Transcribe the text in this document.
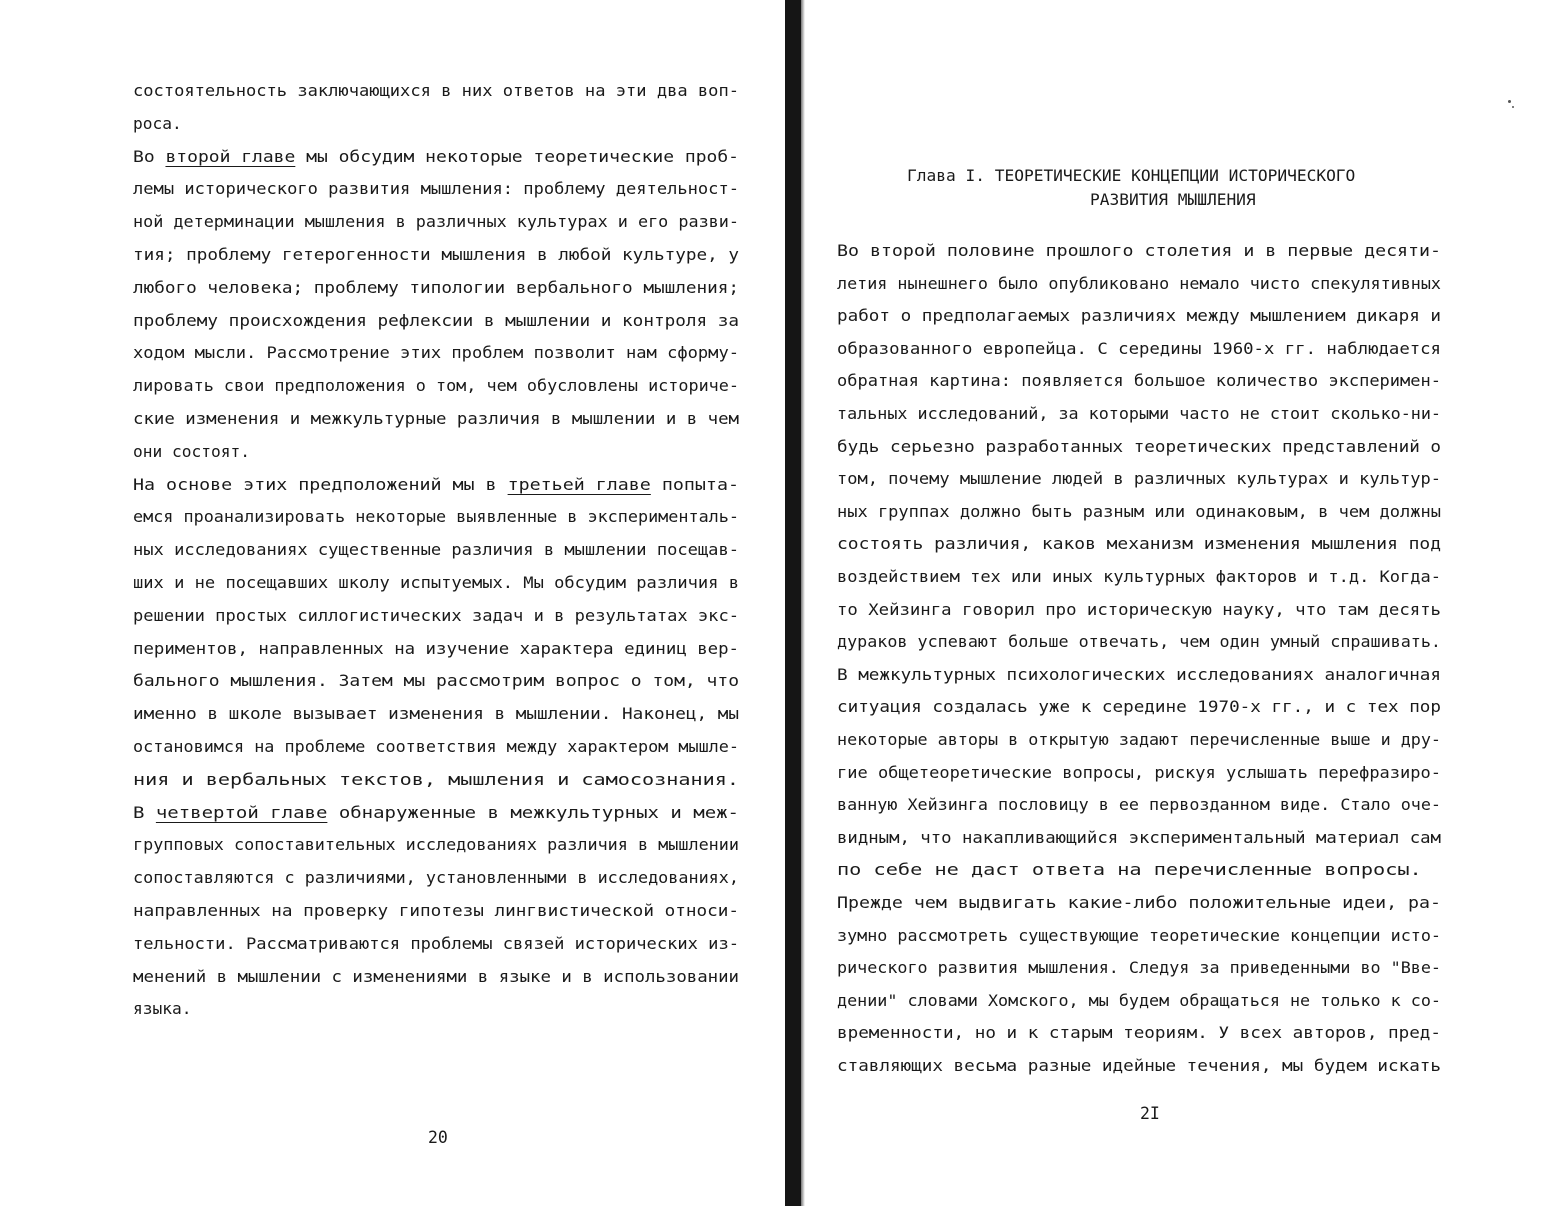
состоятельность заключающихся в них ответов на эти два воп-
роса.
Во второй главе мы обсудим некоторые теоретические проб-
лемы исторического развития мышления: проблему деятельност-
ной детерминации мышления в различных культурах и его разви-
тия; проблему гетерогенности мышления в любой культуре, у
любого человека; проблему типологии вербального мышления;
проблему происхождения рефлексии в мышлении и контроля за
ходом мысли. Рассмотрение этих проблем позволит нам сформу-
лировать свои предположения о том, чем обусловлены историче-
ские изменения и межкультурные различия в мышлении и в чем
они состоят.
На основе этих предположений мы в третьей главе попыта-
емся проанализировать некоторые выявленные в эксперименталь-
ных исследованиях существенные различия в мышлении посещав-
ших и не посещавших школу испытуемых. Мы обсудим различия в
решении простых силлогистических задач и в результатах экс-
периментов, направленных на изучение характера единиц вер-
бального мышления. Затем мы рассмотрим вопрос о том, что
именно в школе вызывает изменения в мышлении. Наконец, мы
остановимся на проблеме соответствия между характером мышле-
ния и вербальных текстов, мышления и самосознания.
В четвертой главе обнаруженные в межкультурных и меж-
групповых сопоставительных исследованиях различия в мышлении
сопоставляются с различиями, установленными в исследованиях,
направленных на проверку гипотезы лингвистической относи-
тельности. Рассматриваются проблемы связей исторических из-
менений в мышлении с изменениями в языке и в использовании
языка.
20
Глава I. ТЕОРЕТИЧЕСКИЕ КОНЦЕПЦИИ ИСТОРИЧЕСКОГО
РАЗВИТИЯ МЫШЛЕНИЯ
Во второй половине прошлого столетия и в первые десяти-
летия нынешнего было опубликовано немало чисто спекулятивных
работ о предполагаемых различиях между мышлением дикаря и
образованного европейца. С середины 1960-х гг. наблюдается
обратная картина: появляется большое количество эксперимен-
тальных исследований, за которыми часто не стоит сколько-ни-
будь серьезно разработанных теоретических представлений о
том, почему мышление людей в различных культурах и культур-
ных группах должно быть разным или одинаковым, в чем должны
состоять различия, каков механизм изменения мышления под
воздействием тех или иных культурных факторов и т.д. Когда-
то Хейзинга говорил про историческую науку, что там десять
дураков успевают больше отвечать, чем один умный спрашивать.
В межкультурных психологических исследованиях аналогичная
ситуация создалась уже к середине 1970-х гг., и с тех пор
некоторые авторы в открытую задают перечисленные выше и дру-
гие общетеоретические вопросы, рискуя услышать перефразиро-
ванную Хейзинга пословицу в ее первозданном виде. Стало оче-
видным, что накапливающийся экспериментальный материал сам
по себе не даст ответа на перечисленные вопросы.
Прежде чем выдвигать какие-либо положительные идеи, ра-
зумно рассмотреть существующие теоретические концепции исто-
рического развития мышления. Следуя за приведенными во "Вве-
дении" словами Хомского, мы будем обращаться не только к со-
временности, но и к старым теориям. У всех авторов, пред-
ставляющих весьма разные идейные течения, мы будем искать
2I
